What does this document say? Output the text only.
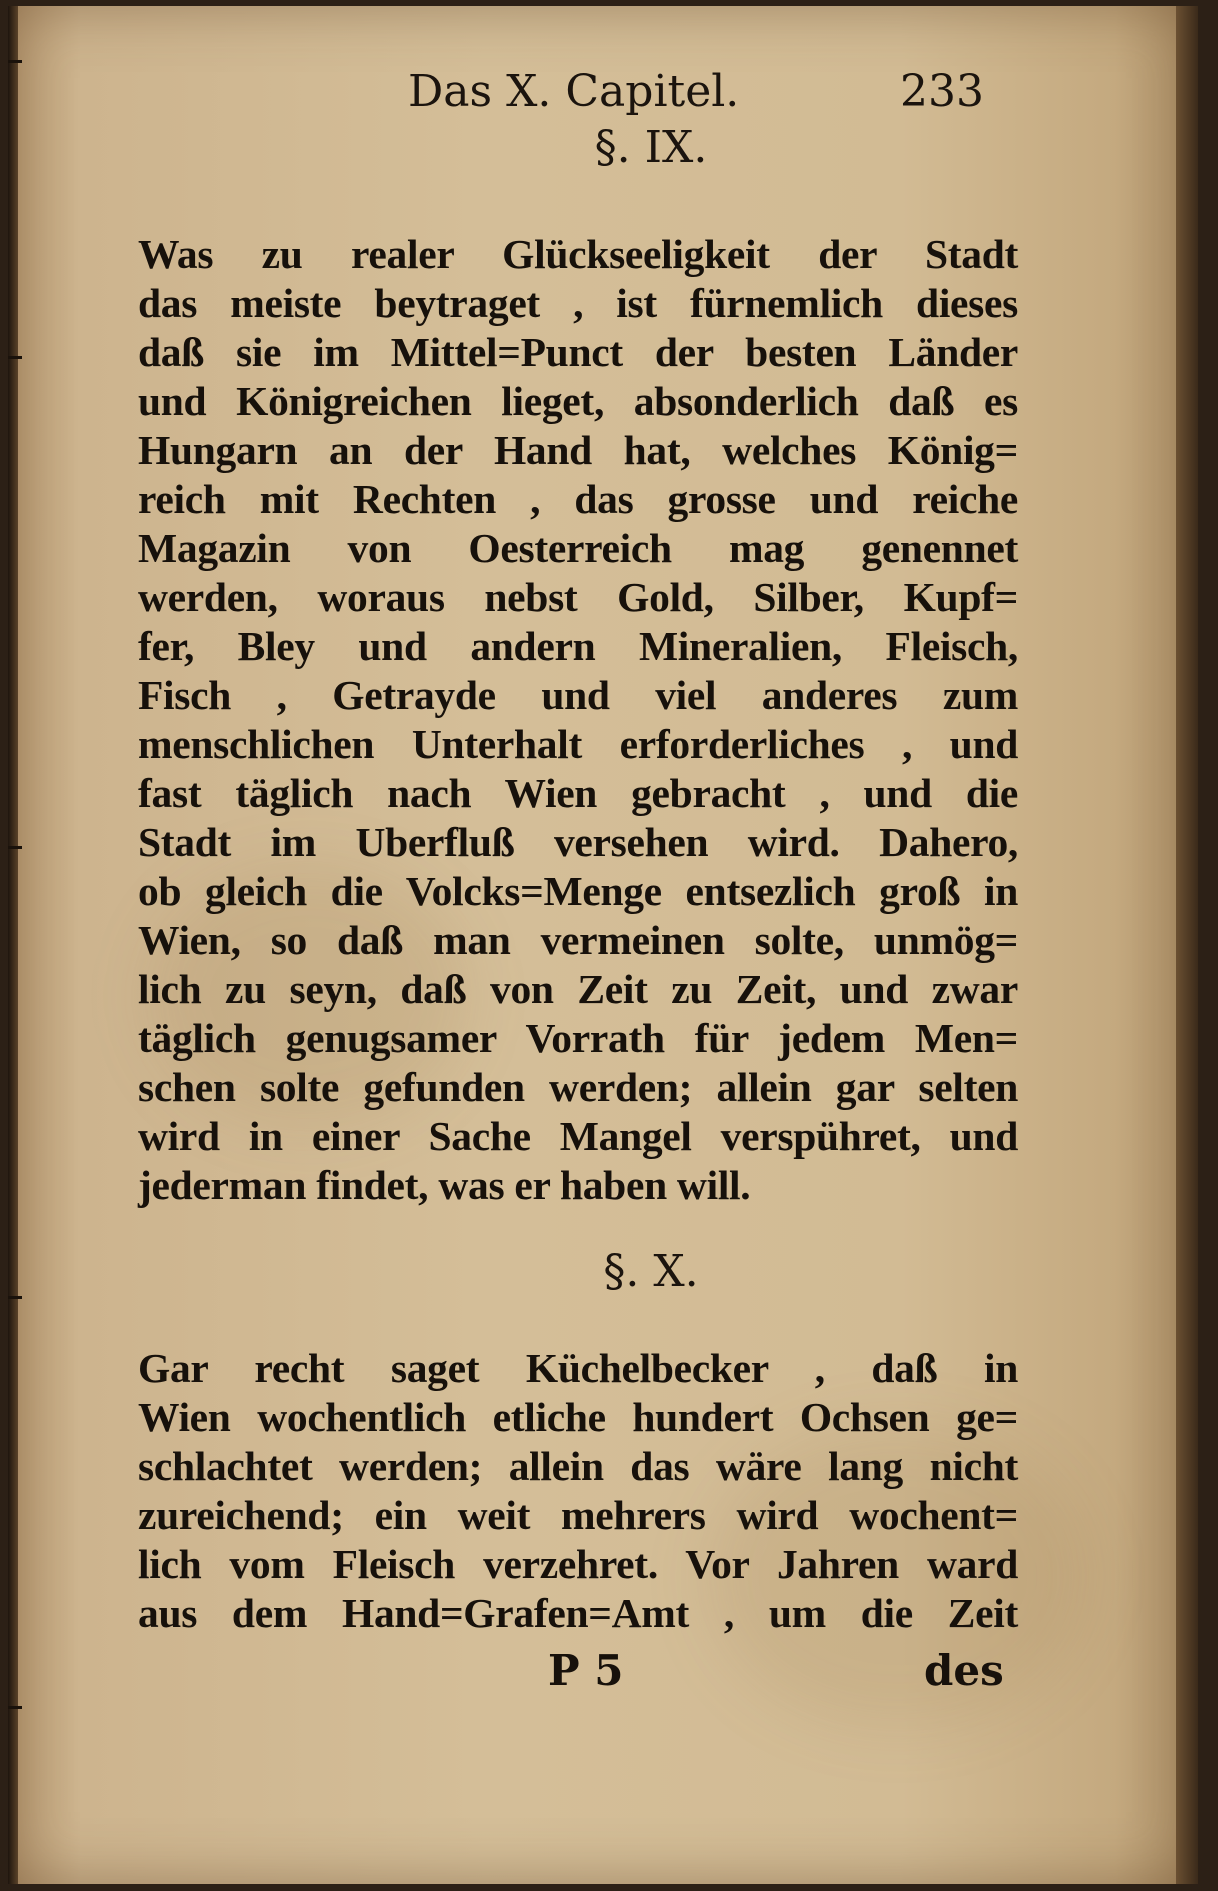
Das X. Capitel.	233
§. IX.
Was zu realer Glückseeligkeit der Stadt
das meiste beytraget , ist fürnemlich dieses
daß sie im Mittel=Punct der besten Länder
und Königreichen lieget, absonderlich daß es
Hungarn an der Hand hat, welches König=
reich mit Rechten , das grosse und reiche
Magazin von Oesterreich mag genennet
werden, woraus nebst Gold, Silber, Kupf=
fer, Bley und andern Mineralien, Fleisch,
Fisch , Getrayde und viel anderes zum
menschlichen Unterhalt erforderliches , und
fast täglich nach Wien gebracht , und die
Stadt im Uberfluß versehen wird. Dahero,
ob gleich die Volcks=Menge entsezlich groß in
Wien, so daß man vermeinen solte, unmög=
lich zu seyn, daß von Zeit zu Zeit, und zwar
täglich genugsamer Vorrath für jedem Men=
schen solte gefunden werden; allein gar selten
wird in einer Sache Mangel verspühret, und
jederman findet, was er haben will.
§. X.
Gar recht saget Küchelbecker , daß in
Wien wochentlich etliche hundert Ochsen ge=
schlachtet werden; allein das wäre lang nicht
zureichend; ein weit mehrers wird wochent=
lich vom Fleisch verzehret. Vor Jahren ward
aus dem Hand=Grafen=Amt , um die Zeit
P 5	des
